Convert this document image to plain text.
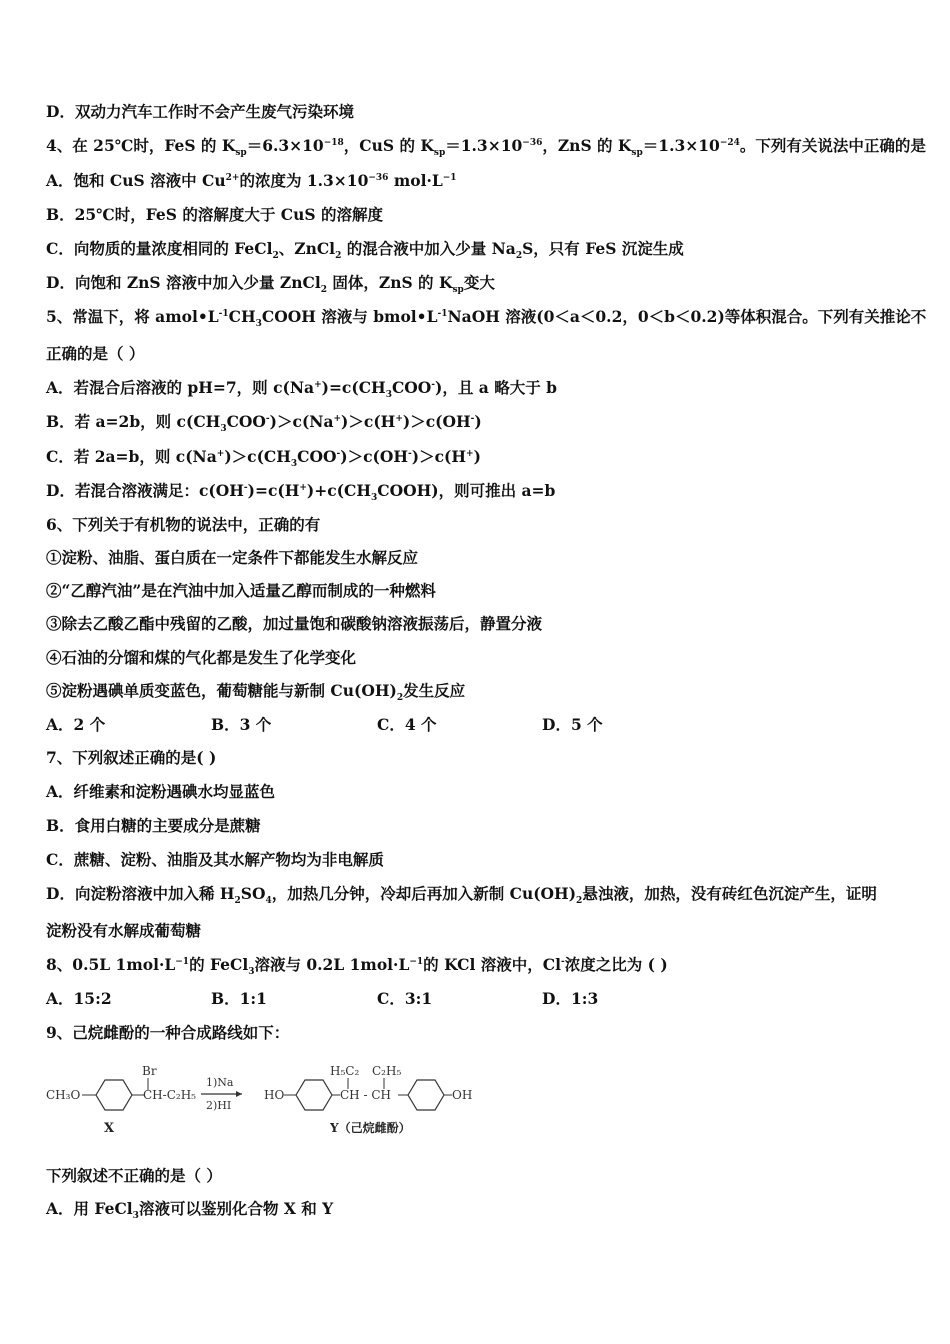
D．双动力汽车工作时不会产生废气污染环境
4、在 25℃时，FeS 的 $K_{sp}=6.3\times 10^{-18}$，CuS 的 $K_{sp}=1.3\times 10^{-36}$，ZnS 的 $K_{sp}=1.3\times 10^{-24}$。下列有关说法中正确的是
A．饱和 CuS 溶液中 $Cu^{2+}$的浓度为 $1.3\times 10^{-36}$ $mol\cdot L^{-1}$
B．25℃时，FeS 的溶解度大于 CuS 的溶解度
C．向物质的量浓度相同的 FeCl$_2$、ZnCl$_2$ 的混合液中加入少量 $Na_2S$，只有 FeS 沉淀生成
D．向饱和 ZnS 溶液中加入少量 ZnCl$_2$ 固体，ZnS 的 $K_{sp}$变大
5、常温下，将 $amol•L^{-1}CH_3COOH$ 溶液与 $bmol•L^{-1}NaOH$ 溶液(0＜a＜0.2，0＜b＜0.2)等体积混合。下列有关推论不
正确的是（ ）
A．若混合后溶液的 pH=7，则 $c(Na^+)=c(CH_3COO^-)$，且 a 略大于 b
B．若 a=2b，则 $c(CH_3COO^-)>c(Na^+)>c(H^+)>c(OH^-)$
C．若 2a=b，则 $c(Na^+)>c(CH_3COO^-)>c(OH^-)>c(H^+)$
D．若混合溶液满足：$c(OH^-)=c(H^+)+c(CH_3COOH)$，则可推出 a=b
6、下列关于有机物的说法中，正确的有
①淀粉、油脂、蛋白质在一定条件下都能发生水解反应
②“乙醇汽油”是在汽油中加入适量乙醇而制成的一种燃料
③除去乙酸乙酯中残留的乙酸，加过量饱和碳酸钠溶液振荡后，静置分液
④石油的分馏和煤的气化都是发生了化学变化
⑤淀粉遇碘单质变蓝色，葡萄糖能与新制 $Cu(OH)_2$发生反应
A．2 个	B．3 个	C．4 个	D．5 个
7、下列叙述正确的是( )
A．纤维素和淀粉遇碘水均显蓝色
B．食用白糖的主要成分是蔗糖
C．蔗糖、淀粉、油脂及其水解产物均为非电解质
D．向淀粉溶液中加入稀 $H_2SO_4$，加热几分钟，冷却后再加入新制 $Cu(OH)_2$悬浊液，加热，没有砖红色沉淀产生，证明
淀粉没有水解成葡萄糖
8、0.5L $1mol\cdot L^{-1}$的 FeCl$_3$溶液与 0.2L $1mol\cdot L^{-1}$的 KCl 溶液中，Cl-浓度之比为 ( )
A．15:2	B．1:1	C．3:1	D．1:3
9、己烷雌酚的一种合成路线如下：
CH₃O
Br
CH-C₂H₅
X
1)Na
2)HI
HO
H₅C₂ C₂H₅
CH - CH	OH
Y（己烷雌酚）
下列叙述不正确的是（ ）
A．用 FeCl$_3$溶液可以鉴别化合物 X 和 Y
